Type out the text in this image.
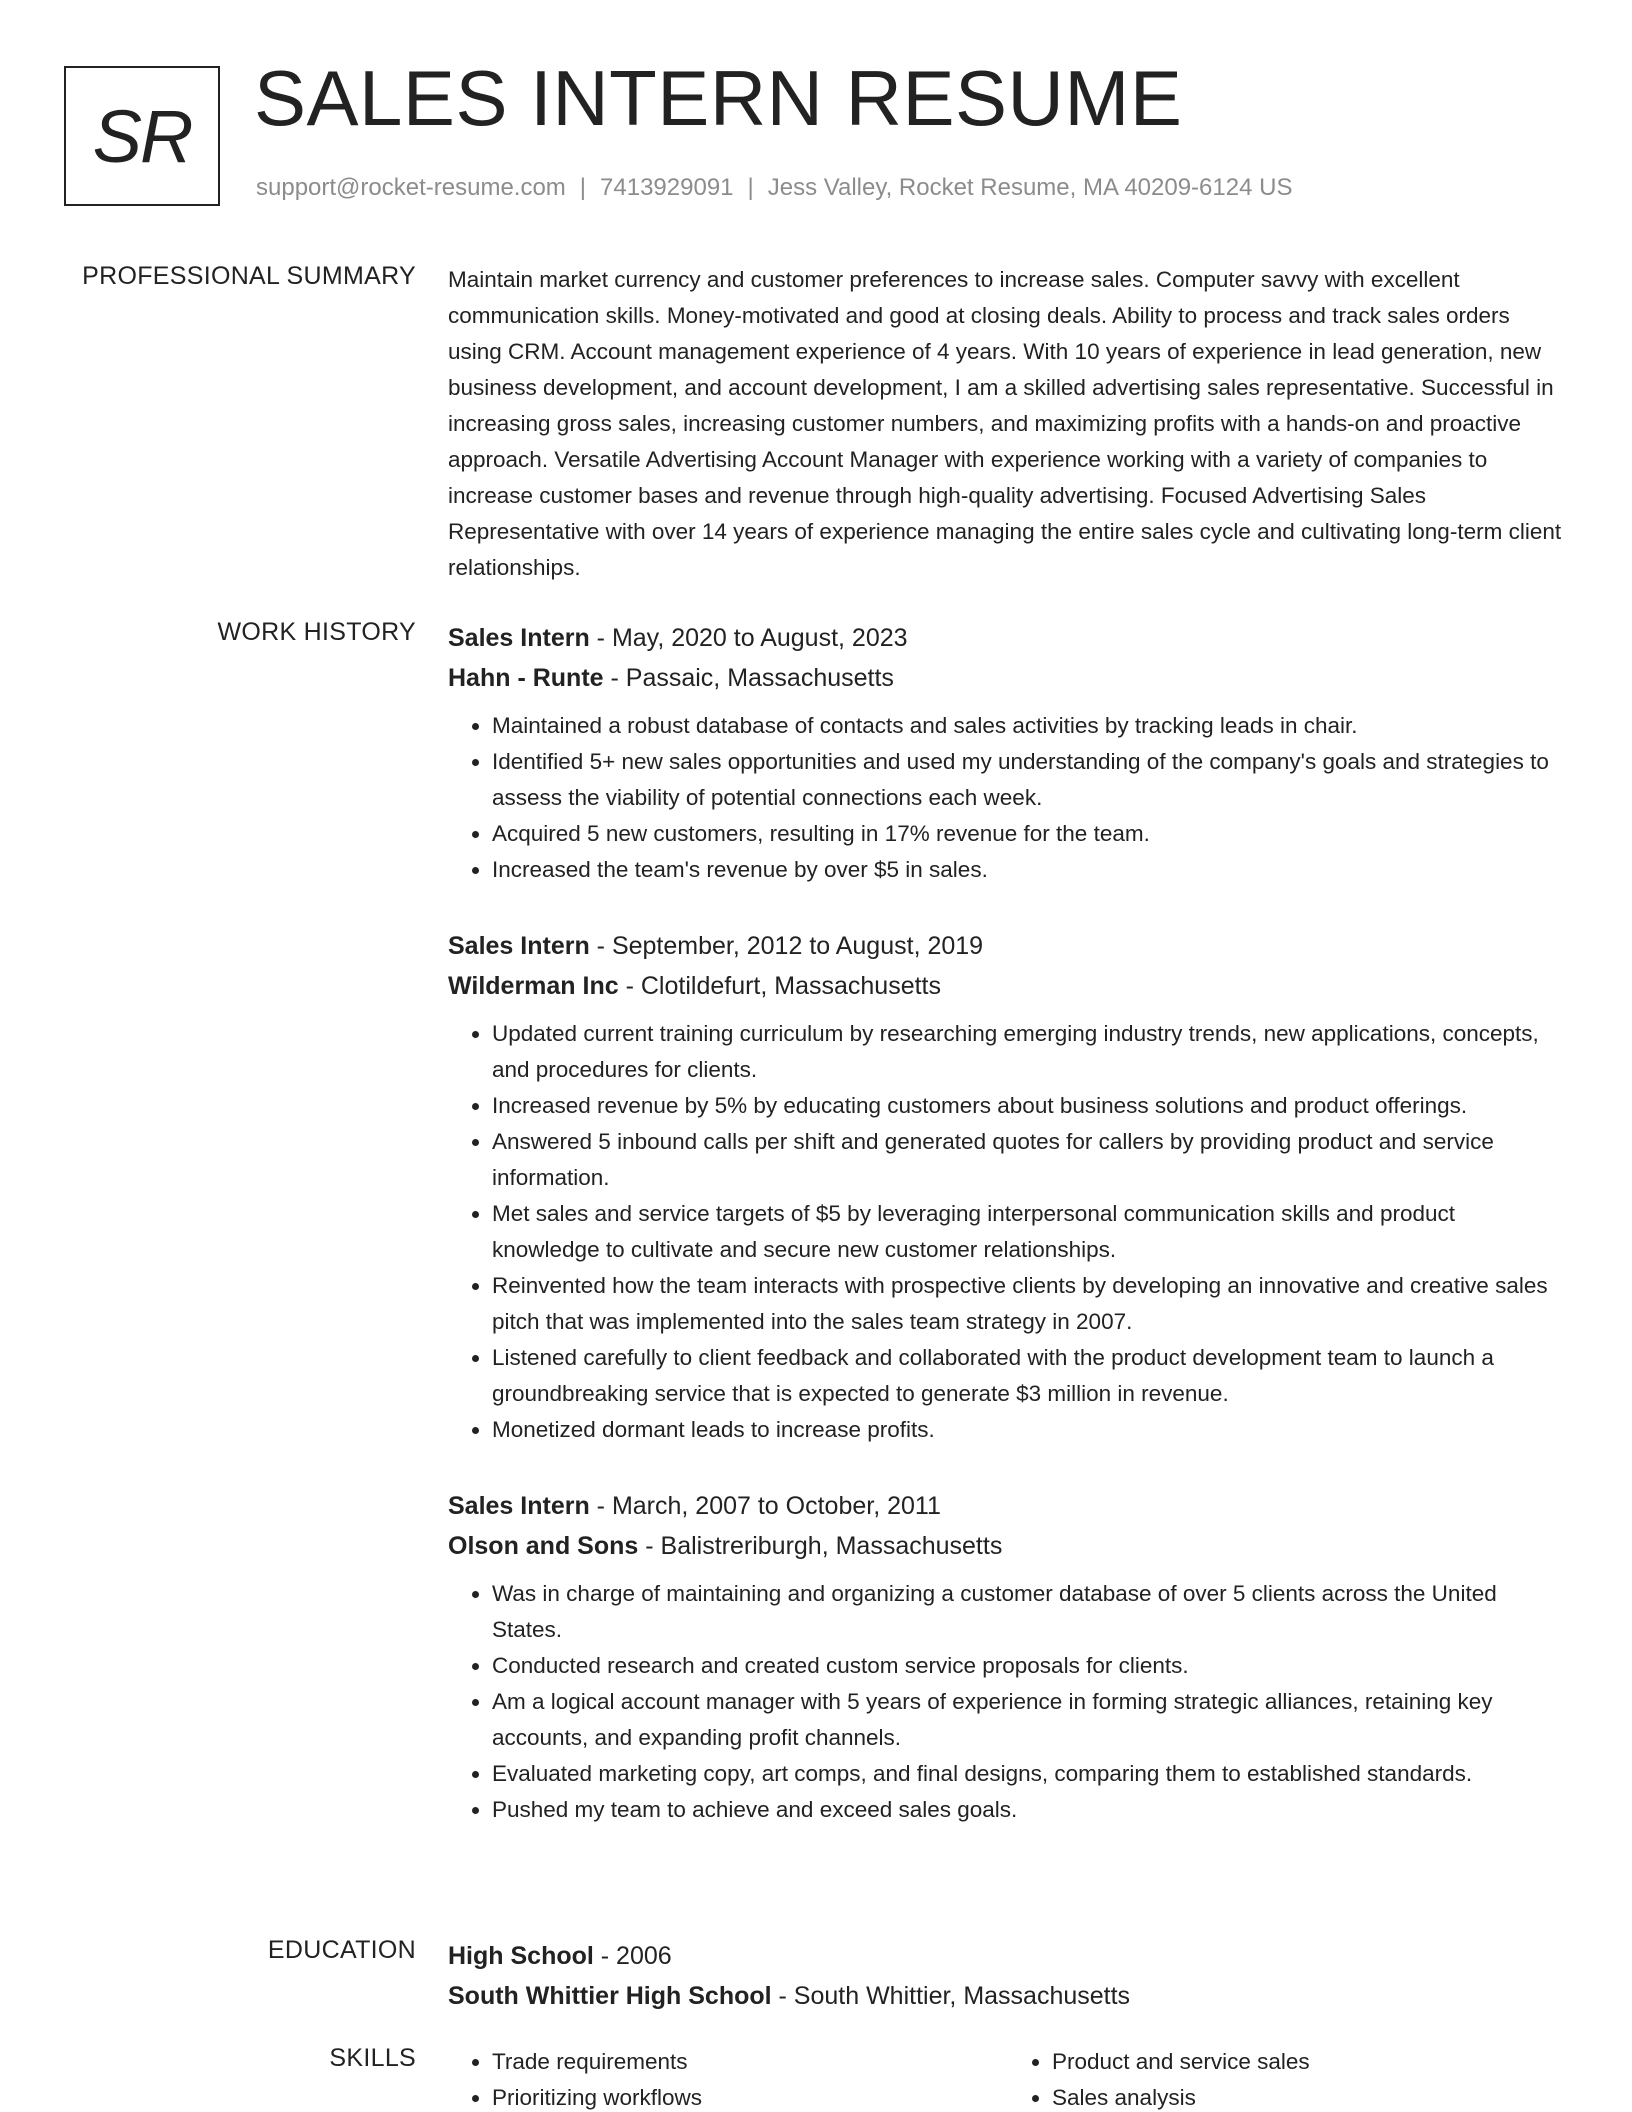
SR SALES INTERN RESUME
support@rocket-resume.com | 7413929091 | Jess Valley, Rocket Resume, MA 40209-6124 US
PROFESSIONAL SUMMARY Maintain market currency and customer preferences to increase sales. Computer savvy with excellent communication skills. Money-motivated and good at closing deals. Ability to process and track sales orders using CRM. Account management experience of 4 years. With 10 years of experience in lead generation, new business development, and account development, I am a skilled advertising sales representative. Successful in increasing gross sales, increasing customer numbers, and maximizing profits with a hands-on and proactive approach. Versatile Advertising Account Manager with experience working with a variety of companies to increase customer bases and revenue through high-quality advertising. Focused Advertising Sales Representative with over 14 years of experience managing the entire sales cycle and cultivating long-term client relationships.

WORK HISTORY Sales Intern - May, 2020 to August, 2023

Hahn - Runte - Passaic, Massachusetts

• Maintained a robust database of contacts and sales activities by tracking leads in chair.
• Identified 5+ new sales opportunities and used my understanding of the company's goals and strategies to assess the viability of potential connections each week.
• Acquired 5 new customers, resulting in 17% revenue for the team.
• Increased the team's revenue by over $5 in sales.

Sales Intern - September, 2012 to August, 2019

Wilderman Inc - Clotildefurt, Massachusetts

• Updated current training curriculum by researching emerging industry trends, new applications, concepts, and procedures for clients.
• Increased revenue by 5% by educating customers about business solutions and product offerings.
• Answered 5 inbound calls per shift and generated quotes for callers by providing product and service information.
• Met sales and service targets of $5 by leveraging interpersonal communication skills and product knowledge to cultivate and secure new customer relationships.
• Reinvented how the team interacts with prospective clients by developing an innovative and creative sales pitch that was implemented into the sales team strategy in 2007.
• Listened carefully to client feedback and collaborated with the product development team to launch a groundbreaking service that is expected to generate $3 million in revenue.
• Monetized dormant leads to increase profits.

Sales Intern - March, 2007 to October, 2011

Olson and Sons - Balistreriburgh, Massachusetts

• Was in charge of maintaining and organizing a customer database of over 5 clients across the United States.
• Conducted research and created custom service proposals for clients.
• Am a logical account manager with 5 years of experience in forming strategic alliances, retaining key accounts, and expanding profit channels.
• Evaluated marketing copy, art comps, and final designs, comparing them to established standards.
• Pushed my team to achieve and exceed sales goals.
EDUCATION High School - 2006

South Whittier High School - South Whittier, Massachusetts

SKILLS
•	Trade requirements
• Prioritizing workflows
• Product and service sales
• Sales analysis
